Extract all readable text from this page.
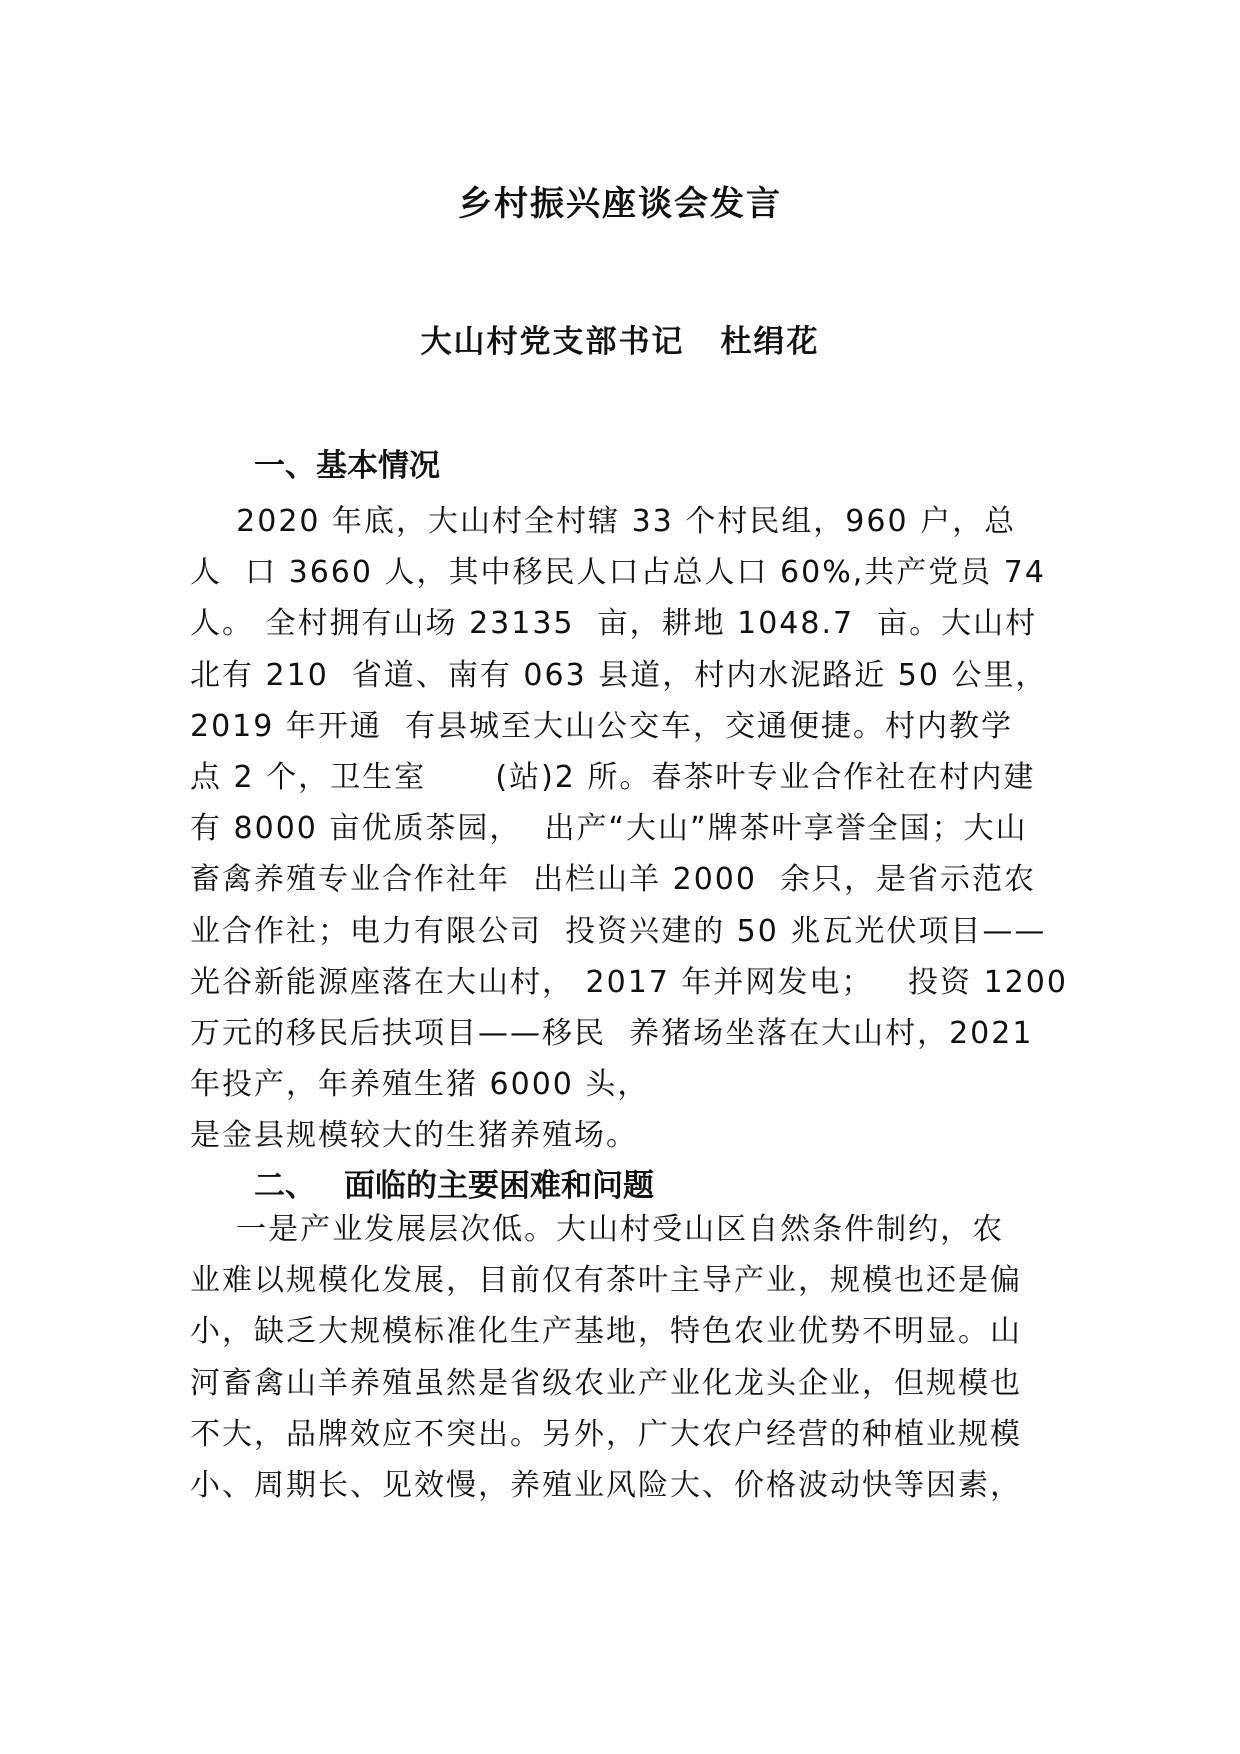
乡村振兴座谈会发言
大山村党支部书记 杜绢花
一、基本情况
2020 年底，大山村全村辖 33 个村民组，960 户，总
人  口 3660 人，其中移民人口占总人口 60%,共产党员 74
人。 全村拥有山场 23135  亩，耕地 1048.7  亩。大山村
北有 210  省道、南有 063 县道，村内水泥路近 50 公里，
2019 年开通  有县城至大山公交车，交通便捷。村内教学
点 2 个，卫生室      (站)2 所。春茶叶专业合作社在村内建
有 8000 亩优质茶园，  出产“大山”牌茶叶享誉全国；大山
畜禽养殖专业合作社年  出栏山羊 2000  余只，是省示范农
业合作社；电力有限公司  投资兴建的 50 兆瓦光伏项目——
光谷新能源座落在大山村， 2017 年并网发电；   投资 1200
万元的移民后扶项目——移民  养猪场坐落在大山村，2021
年投产，年养殖生猪 6000 头，
是金县规模较大的生猪养殖场。
二、 面临的主要困难和问题
一是产业发展层次低。大山村受山区自然条件制约，农
业难以规模化发展，目前仅有茶叶主导产业，规模也还是偏
小，缺乏大规模标准化生产基地，特色农业优势不明显。山
河畜禽山羊养殖虽然是省级农业产业化龙头企业，但规模也
不大，品牌效应不突出。另外，广大农户经营的种植业规模
小、周期长、见效慢，养殖业风险大、价格波动快等因素，
